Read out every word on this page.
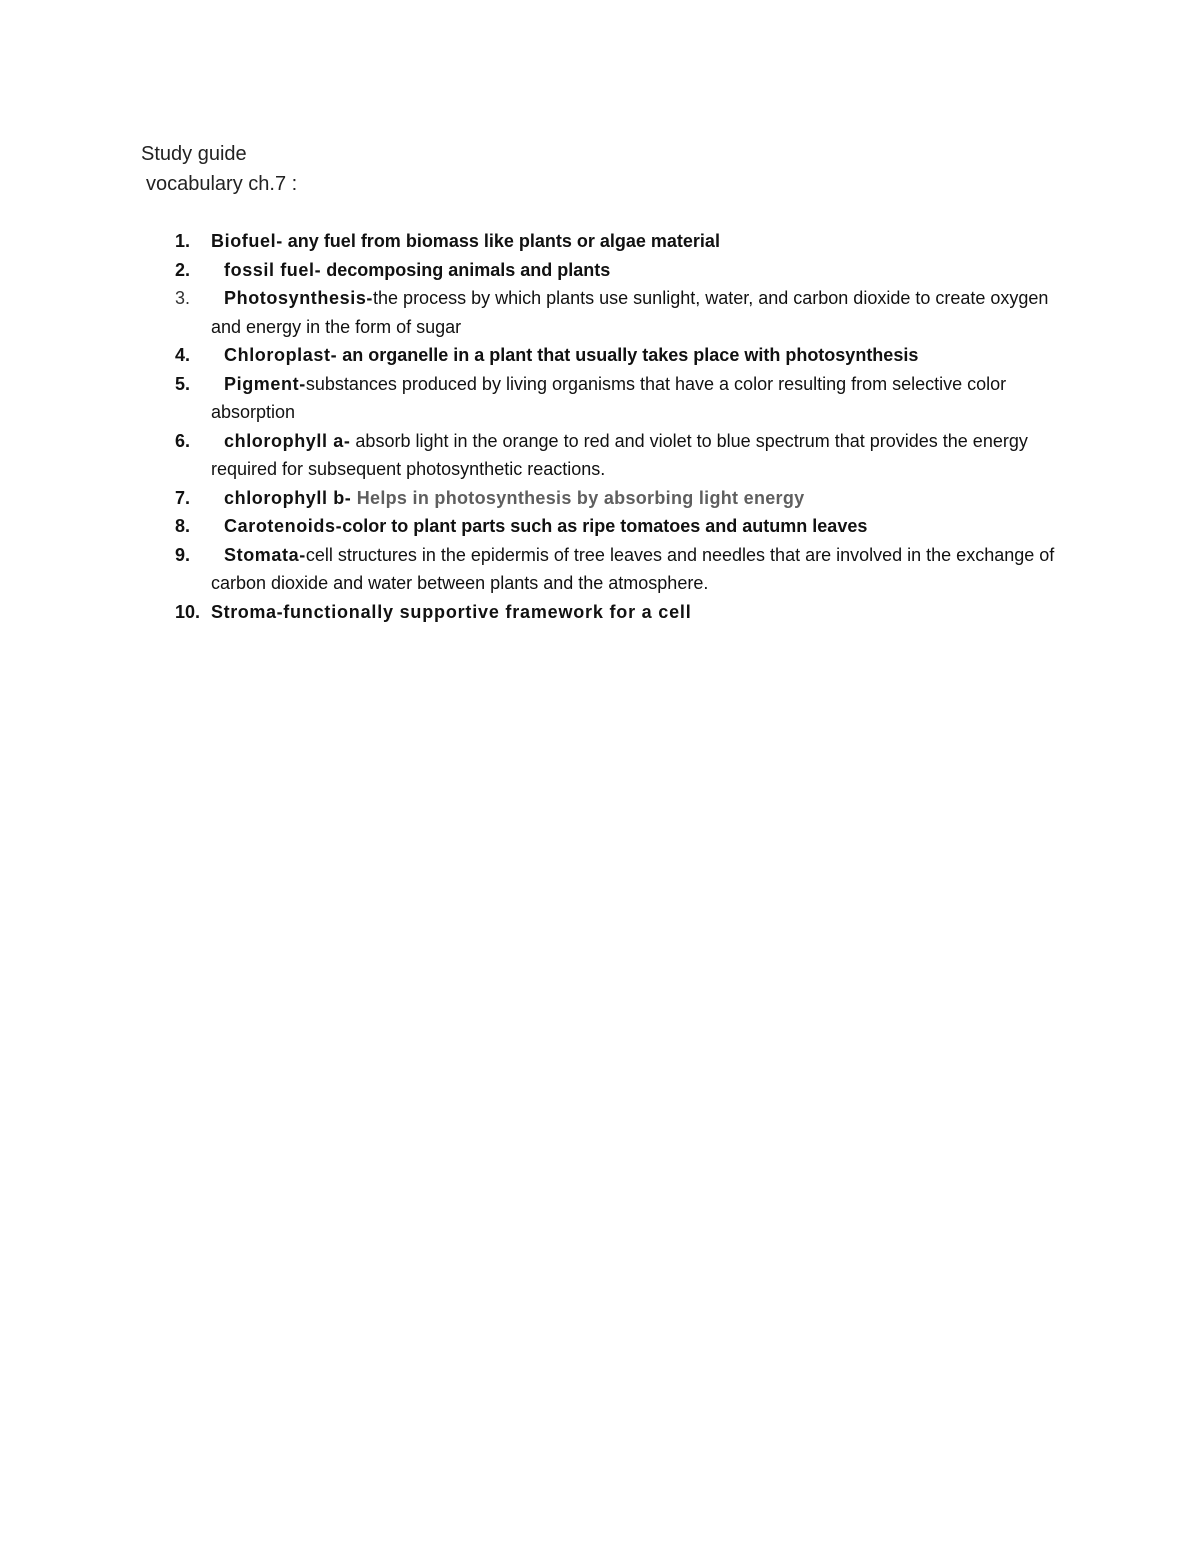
Study guide

vocabulary ch.7 :

1.	Biofuel- any fuel from biomass like plants or algae material
2.	fossil fuel- decomposing animals and plants
3.	Photosynthesis-the process by which plants use sunlight, water, and carbon dioxide to create oxygen and energy in the form of sugar
4.	Chloroplast- an organelle in a plant that usually takes place with photosynthesis
5.	Pigment-substances produced by living organisms that have a color resulting from selective color absorption
6.	chlorophyll a- absorb light in the orange to red and violet to blue spectrum that provides the energy required for subsequent photosynthetic reactions.
7.	chlorophyll b- Helps in photosynthesis by absorbing light energy
8.	Carotenoids-color to plant parts such as ripe tomatoes and autumn leaves
9.	Stomata-cell structures in the epidermis of tree leaves and needles that are involved in the exchange of carbon dioxide and water between plants and the atmosphere.
10. Stroma-functionally supportive framework for a cell
